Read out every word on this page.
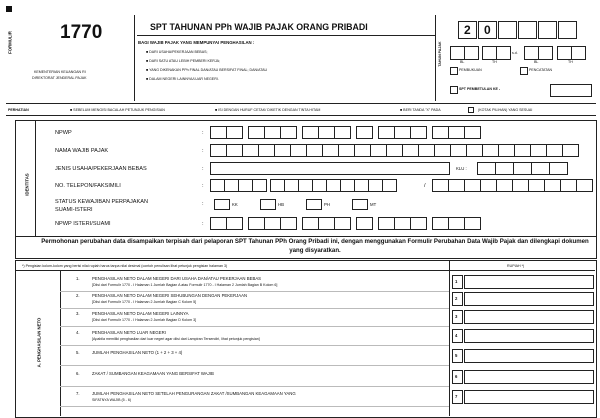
FORMULIR	1770
KEMENTERIAN KEUANGAN RI
DIREKTORAT JENDERAL PAJAK
SPT TAHUNAN PPh WAJIB PAJAK ORANG PRIBADI
BAGI WAJIB PAJAK YANG MEMPUNYAI PENGHASILAN :
■ DARI USAHA/PEKERJAAN BEBAS;
■ DARI SATU ATAU LEBIH PEMBERI KERJA;
■ YANG DIKENAKAN PPh FINAL DAN/ATAU BERSIFAT FINAL; DAN/ATAU
■ DALAM NEGERI LAINNYA/LUAR NEGERI.
TAHUN PAJAK
2 0
s.d.
BL	TH	BL	TH
PEMBUKUAN	PENCATATAN
SPT PEMBETULAN KE -
PERHATIAN	■ SEBELUM MENGISI BACALAH PETUNJUK PENGISIAN	■ ISI DENGAN HURUF CETAK/ DIKETIK DENGAN TINTA HITAM	■ BERI TANDA "X" PADA	(KOTAK PILIHAN) YANG SESUAI
IDENTITAS
NPWP	:
NAMA WAJIB PAJAK	:
JENIS USAHA/PEKERJAAN BEBAS	:	KLU :
NO. TELEPON/FAKSIMILI	:	/
STATUS KEWAJIBAN PERPAJAKAN
SUAMI-ISTERI
:	KK	HB	PH	MT
NPWP ISTERI/SUAMI	:
Permohonan perubahan data disampaikan terpisah dari pelaporan SPT Tahunan PPh Orang Pribadi ini, dengan menggunakan Formulir Perubahan Data Wajib Pajak dan dilengkapi dokumen yang disyaratkan.
*) Pengisian kolom-kolom yang berisi nilai rupiah harus tanpa nilai desimal (contoh penulisan lihat petunjuk pengisian halaman 3)	RUPIAH *)
A. PENGHASILAN NETO
1.	PENGHASILAN NETO DALAM NEGERI DARI USAHA DAN/ATAU PEKERJAAN BEBAS
[Diisi dari Formulir 1770 - I Halaman 1 Jumlah Bagian A atau Formulir 1770 - I Halaman 2 Jumlah Bagian B Kolom 6]
1
2.	PENGHASILAN NETO DALAM NEGERI SEHUBUNGAN DENGAN PEKERJAAN
[Diisi dari Formulir 1770 - I Halaman 2 Jumlah Bagian C Kolom 5]
2
3.	PENGHASILAN NETO DALAM NEGERI LAINNYA
[Diisi dari Formulir 1770 - I Halaman 2 Jumlah Bagian D Kolom 3]
3
4.	PENGHASILAN NETO LUAR NEGERI
[Apabila memiliki penghasilan dari luar negeri agar diisi dari Lampiran Tersendiri, lihat petunjuk pengisian]
4
5.	JUMLAH PENGHASILAN NETO (1 + 2 + 3 + 4)
5
6.	ZAKAT / SUMBANGAN KEAGAMAAN YANG BERSIFAT WAJIB
6
7.	JUMLAH PENGHASILAN NETO SETELAH PENGURANGAN ZAKAT /SUMBANGAN KEAGAMAAN YANG
SIFATNYA WAJIB (5 - 6)
7
